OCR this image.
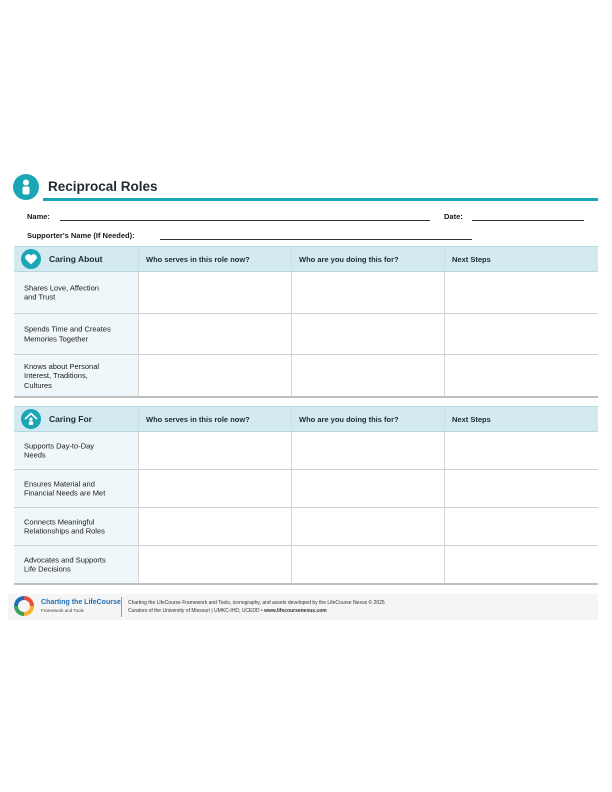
Reciprocal Roles
Name:	Date:
Supporter's Name (If Needed):
Caring About	Who serves in this role now?	Who are you doing this for?	Next Steps
Shares Love, Affection
and Trust
Spends Time and Creates
Memories Together
Knows about Personal
Interest, Traditions,
Cultures
Caring For	Who serves in this role now?	Who are you doing this for?	Next Steps
Supports Day-to-Day
Needs
Ensures Material and
Financial Needs are Met
Connects Meaningful
Relationships and Roles
Advocates and Supports
Life Decisions
Charting the LifeCourse
Framework and Tools
Charting the LifeCourse Framework and Tools, iconography, and assets developed by the LifeCourse Nexus © 2025
Curators of the University of Missouri | UMKC-IHD, UCEDD • www.lifecoursenexus.com
